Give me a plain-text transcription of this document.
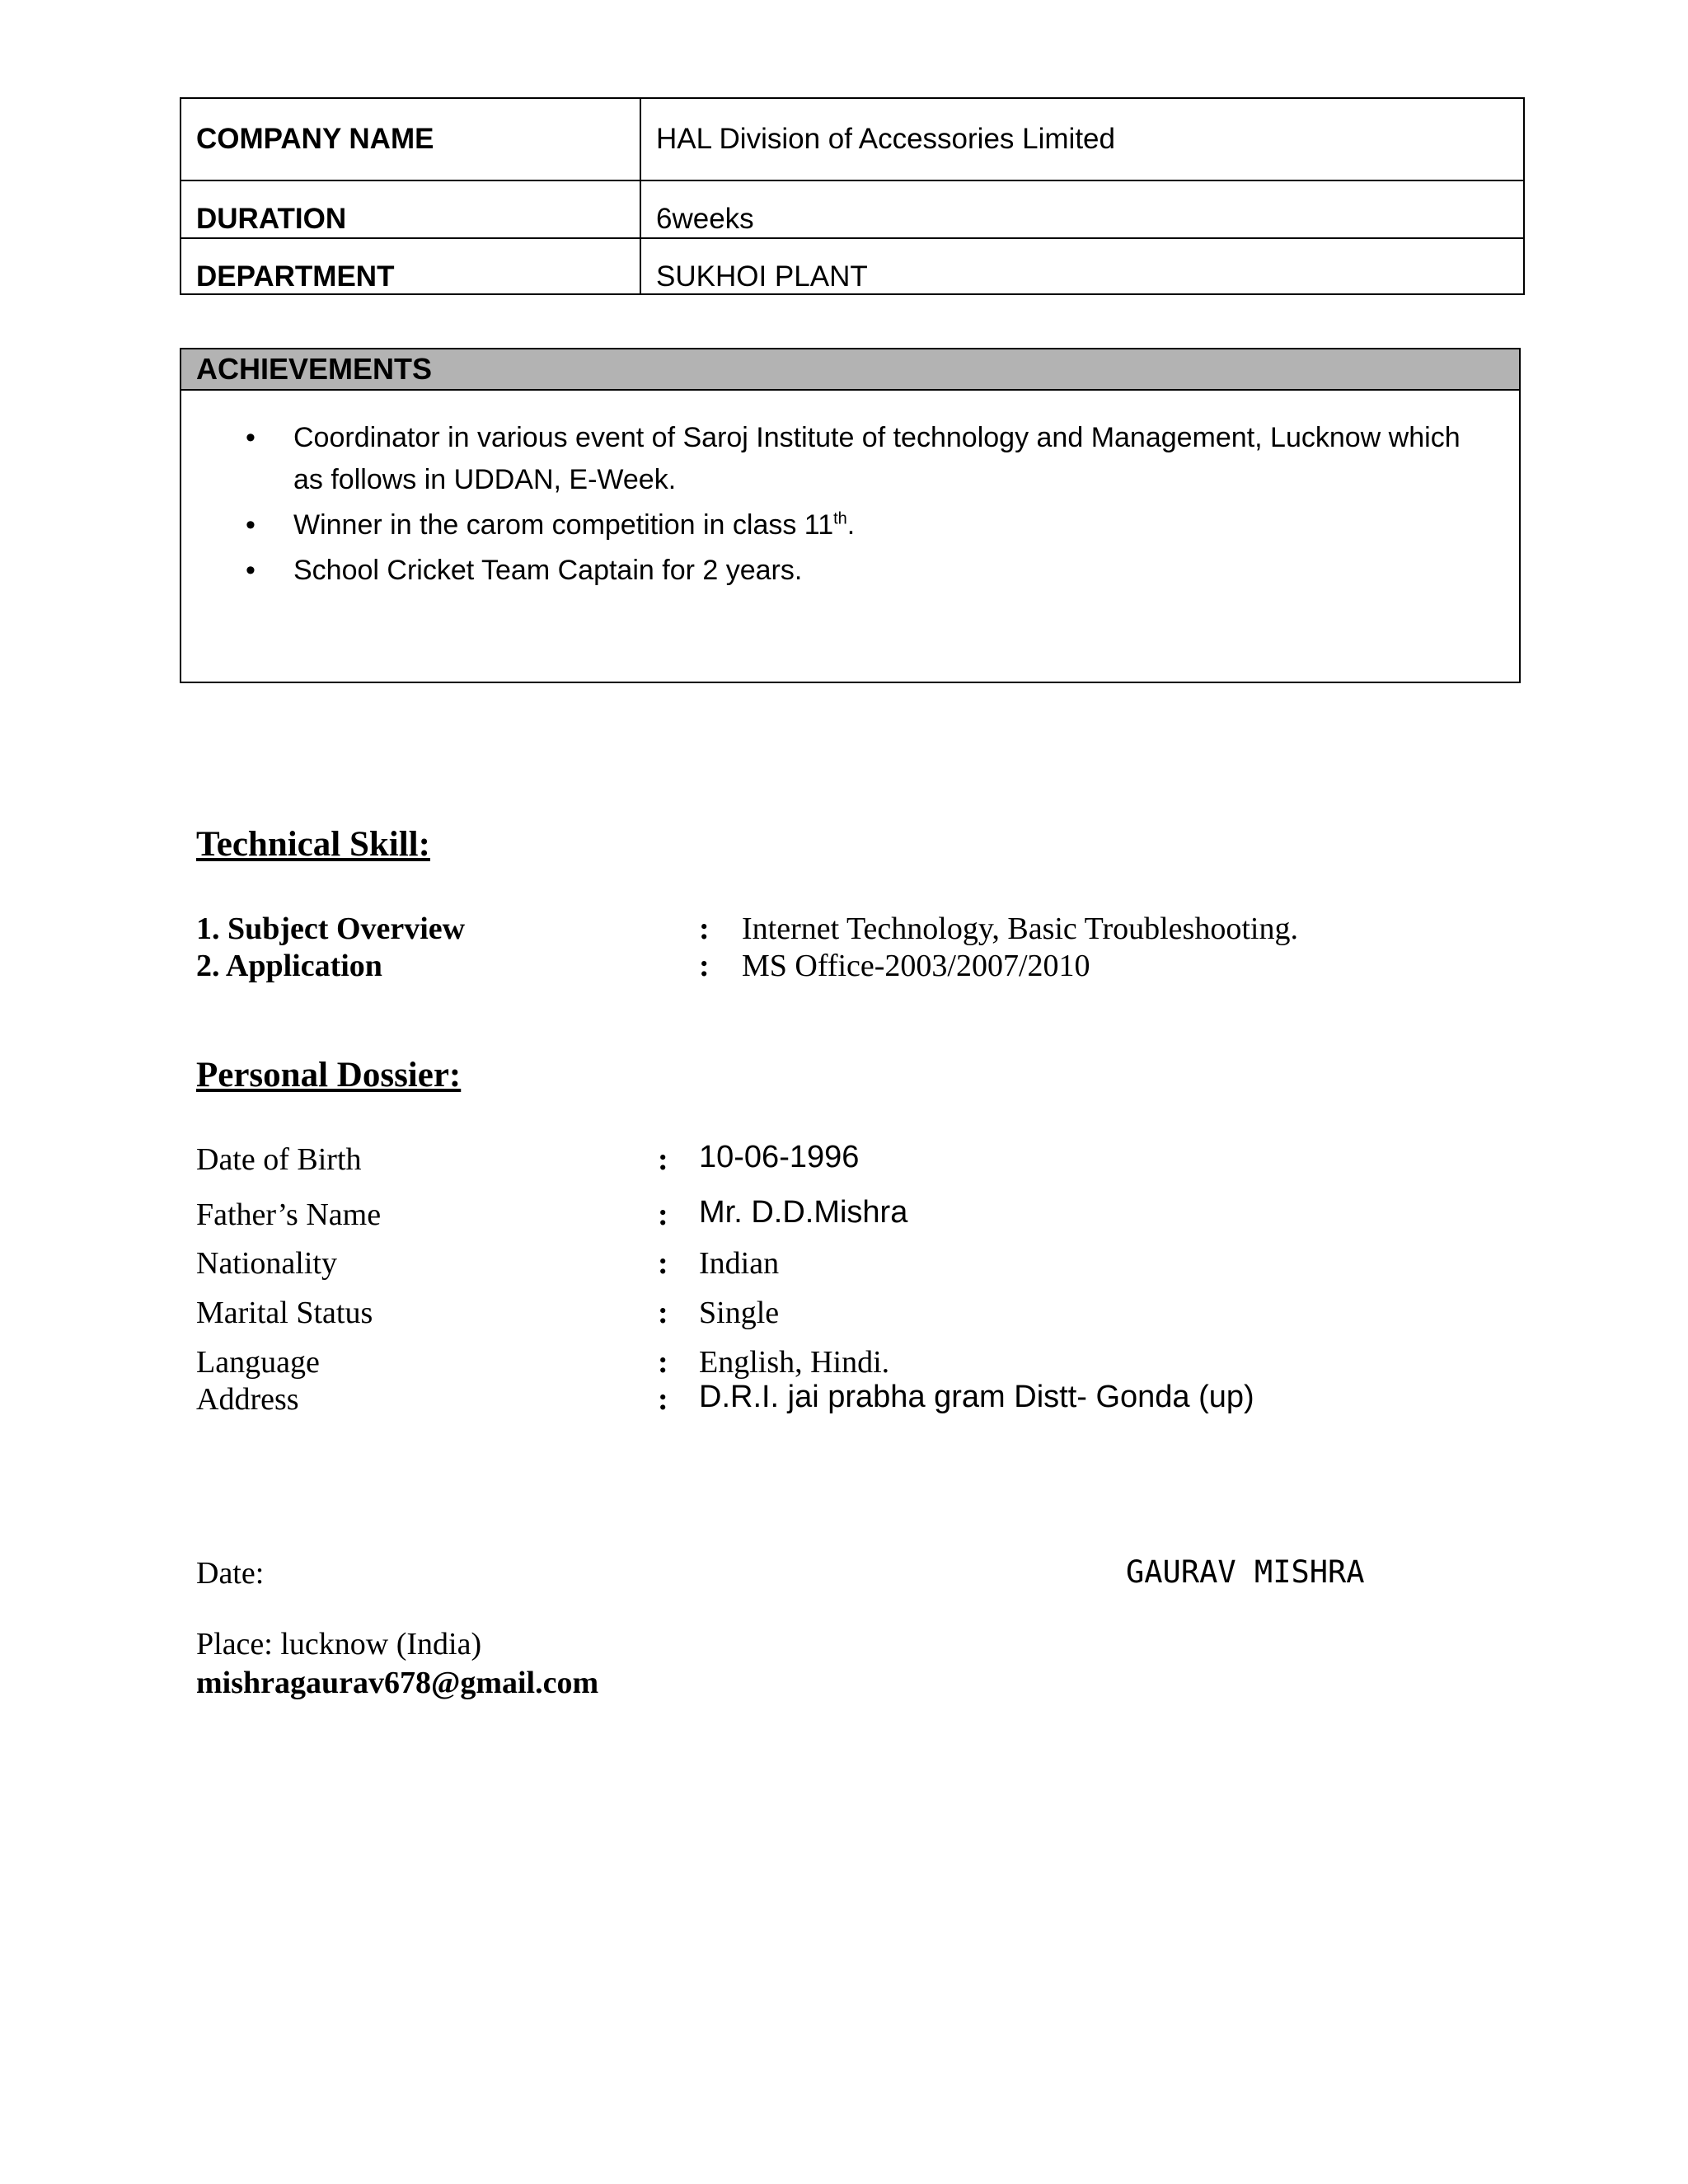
COMPANY NAME	HAL Division of Accessories Limited
DURATION	6weeks
DEPARTMENT	SUKHOI PLANT
ACHIEVEMENTS
• Coordinator in various event of Saroj Institute of technology and Management, Lucknow which as follows in UDDAN, E-Week.
• Winner in the carom competition in class 11th.
• School Cricket Team Captain for 2 years.
Technical Skill:
1. Subject Overview	: Internet Technology, Basic Troubleshooting.
2. Application	: MS Office-2003/2007/2010
Personal Dossier:
Date of Birth	: 10-06-1996
Father’s Name	: Mr. D.D.Mishra
Nationality	: Indian
Marital Status	: Single
Language	: English, Hindi.
Address	: D.R.I. jai prabha gram Distt- Gonda (up)
Date:	GAURAV MISHRA
Place: lucknow (India)
mishragaurav678@gmail.com
